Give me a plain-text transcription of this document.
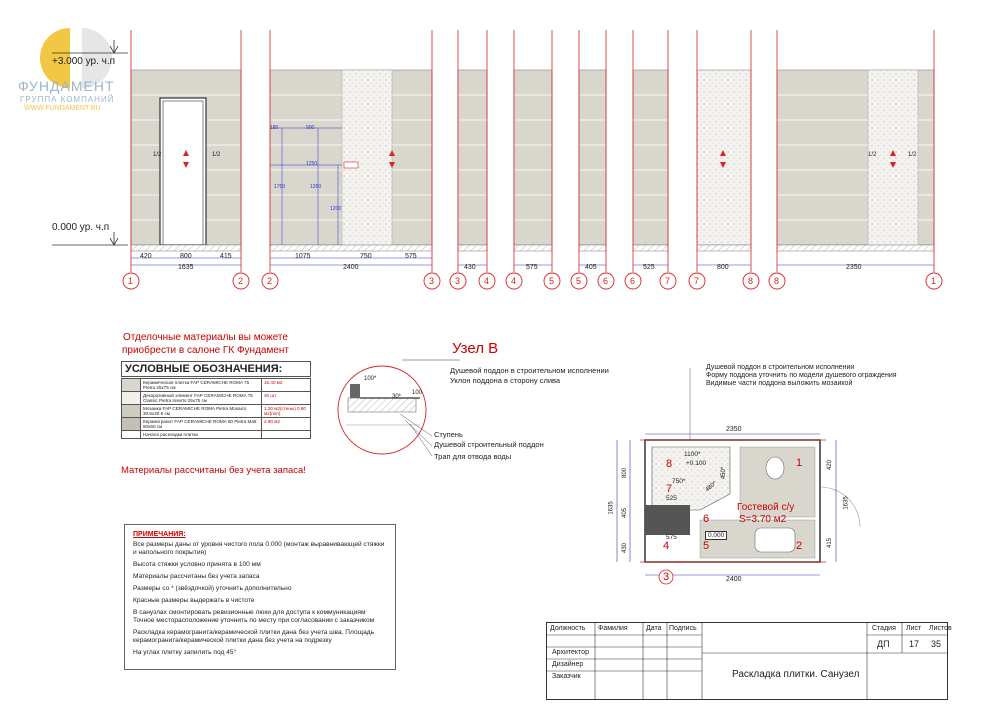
ФУНДАМЕНТ
ГРУППА КОМПАНИЙ
WWW.FUNDAMENT.RU
+3.000 ур. ч.п
0.000 ур. ч.п
420	800	415
1635
1075	750	575
2400	430	575	405	525	800	2350
1	2	2	3 3	4 4	5 5 6 6	7	7	8 8	1
180	900
1250
1750	1350
1200
1/2	1/2	1/2	1/2
Отделочные материалы вы можете приобрести в салоне ГК Фундамент
УСЛОВНЫЕ ОБОЗНАЧЕНИЯ:
	Керамическая плитка FAP CERAMICHE ROMA 75 Pietra 25x75 см	15.40 м2
	Декоративный элемент FAP CERAMICHE ROMA 75 Classic Pietra Inserto 25x75 см	30 шт
	Мозаика FAP CERAMICHE ROMA Pietra Mosaico 30.5x30.5 см	1.20 м2(стены) 0.80 м2(пол)
	Керамогранит FAP CERAMICHE ROMA 60 Pietra Matt 60x60 см	2.90 м2
	Начало раскладки плитки	
Материалы рассчитаны без учета запаса!
Узел В
Душевой поддон в строительном исполнении
Уклон поддона в сторону слива
100*
30*
100
Ступень
Душевой строительный поддон
Трап для отвода воды
Душевой поддон в строительном исполнении
Форму поддона уточнить по модели душевого ограждения
Видимые части поддона выложить мозаикой
2350
2400
800
405
430
1635
420
415
1635
1100*
+0.100
750*
450*
525
480*
575	0.000
Гостевой с/у
S=3.70 м2
1
2
3
4	5
6
7
8
ПРИМЕЧАНИЯ:

Все размеры даны от уровня чистого пола 0.000 (монтаж выравнивающей стяжки и напольного покрытия)

Высота стяжки условно принята в 100 мм

Материалы рассчитаны без учета запаса

Размеры со * (звёздочкой) уточнить дополнительно

Красные размеры выдержать в чистоте

В санузлах смонтировать ревизионные люки для доступа к коммуникациям Точное месторасположение уточнить по месту при согласовании с заказчиком

Раскладка керамогранита/керамической плитки дана без учета шва. Площадь керамогранита/керамической плитки дана без учета на подрезку

На углах плитку запилить под 45°

Должность Фамилия	Дата Подпись
Архитектор
Дизайнер
Заказчик
Стадия Лист Листов
ДП 17 35
Раскладка плитки. Санузел
